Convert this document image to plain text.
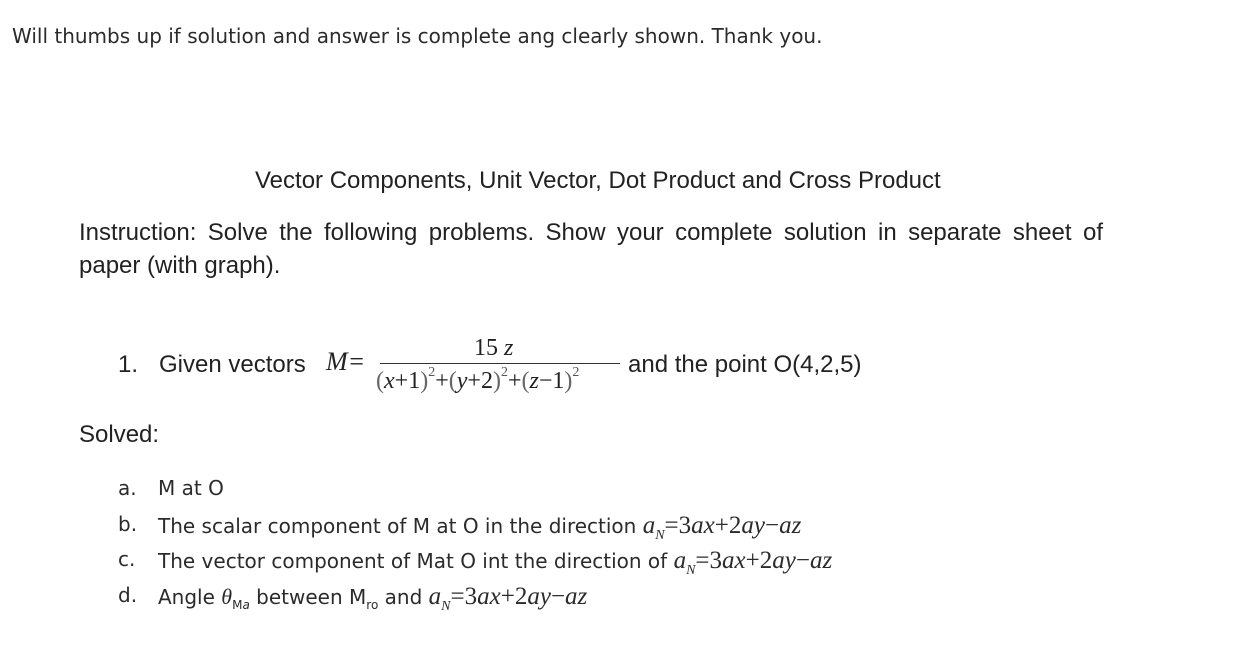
Will thumbs up if solution and answer is complete ang clearly shown. Thank you.
Vector Components, Unit Vector, Dot Product and Cross Product
Instruction: Solve the following problems. Show your complete solution in separate sheet of paper (with graph).
1. Given vectors M=	15 z
$(x+1)^2+(y+2)^2+(z-1)^2$ and the point O(4,2,5)
Solved:
a. M at O
b. The scalar component of M at O in the direction $a_N=3ax+2ay-az$
c. The vector component of Mat O int the direction of $a_N=3ax+2ay-az$
d. Angle $\theta_{Ma}$ between $M_{ro}$ and $a_N=3ax+2ay-az$
